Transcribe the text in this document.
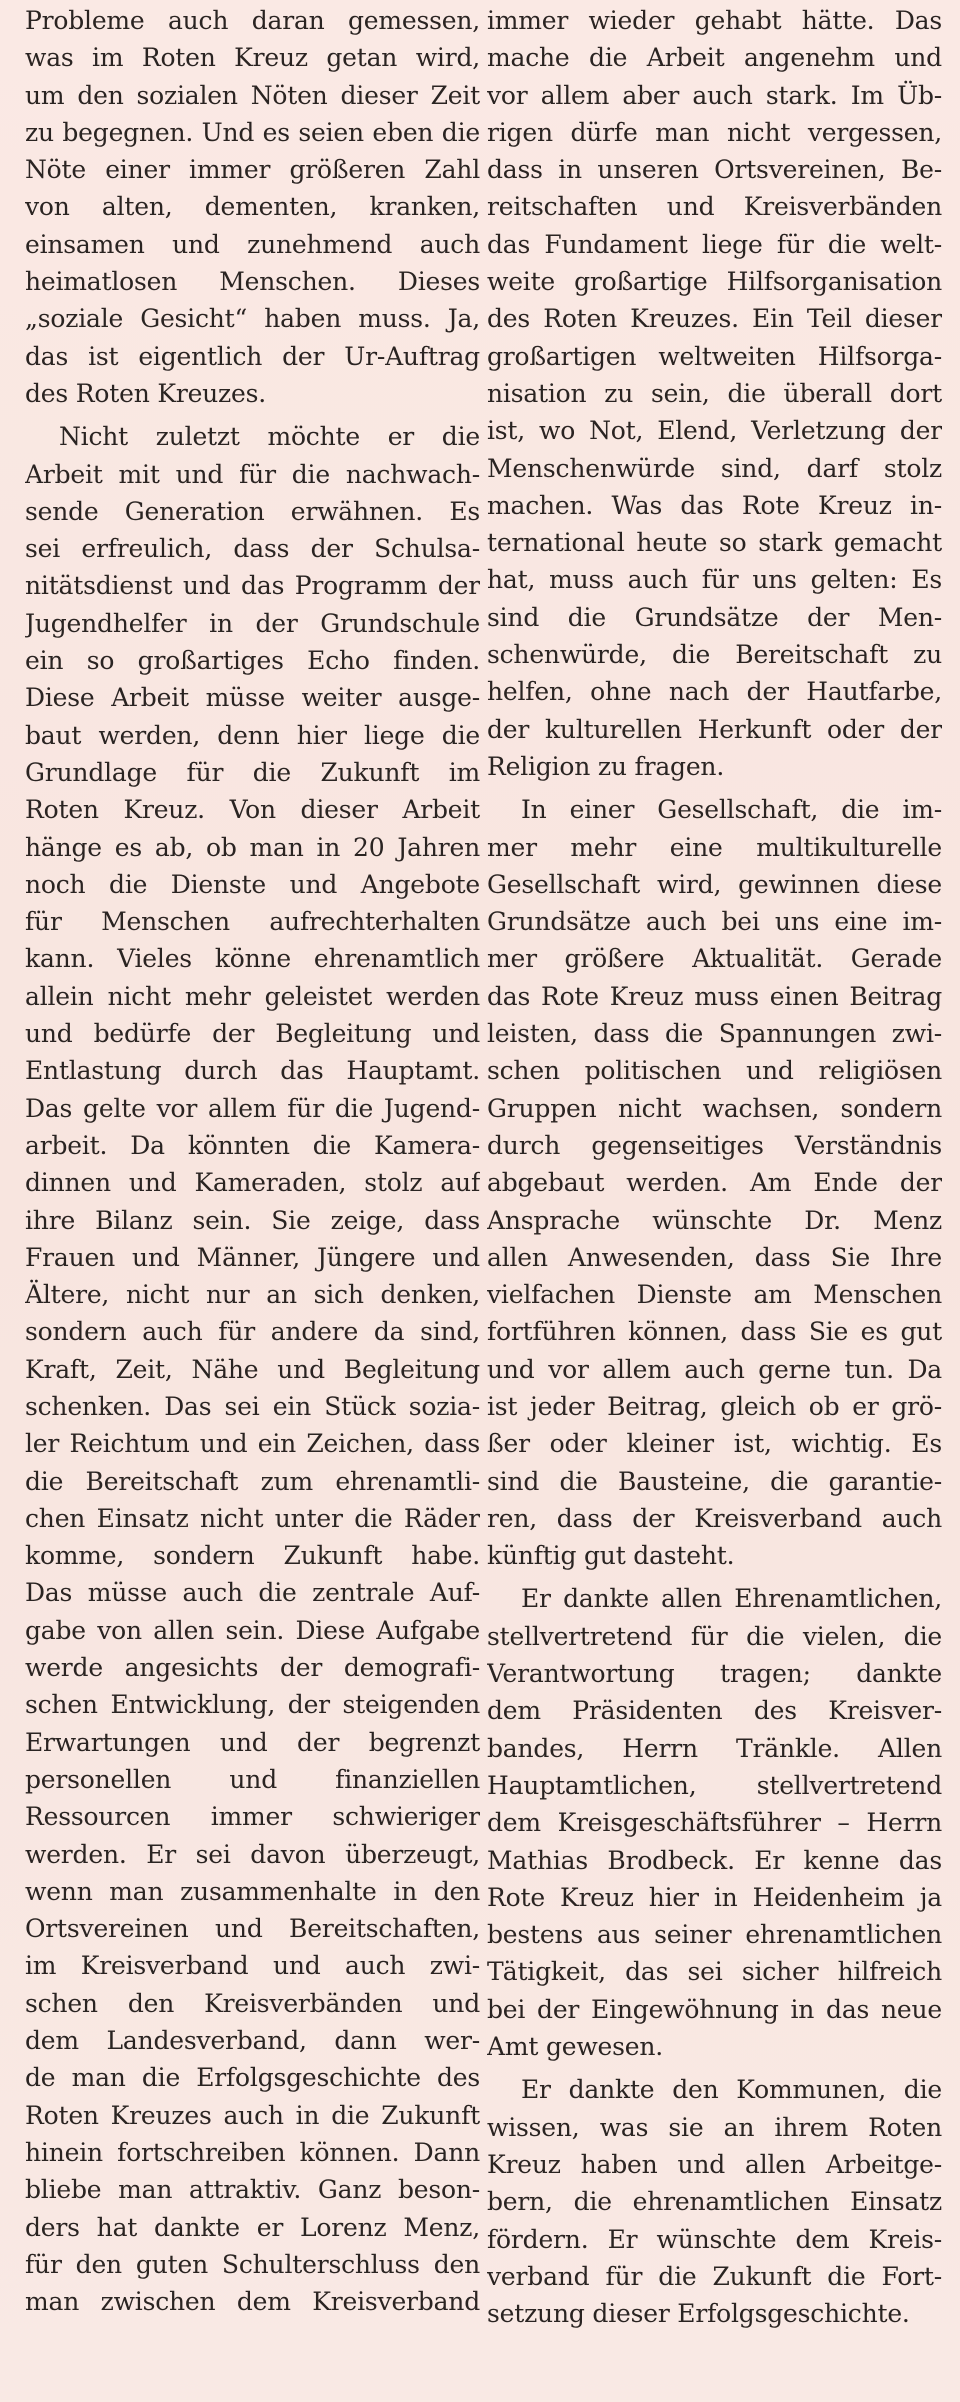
Probleme auch daran gemessen,
was im Roten Kreuz getan wird,
um den sozialen Nöten dieser Zeit
zu begegnen. Und es seien eben die
Nöte einer immer größeren Zahl
von alten, dementen, kranken,
einsamen und zunehmend auch
heimatlosen Menschen. Dieses
„soziale Gesicht“ haben muss. Ja,
das ist eigentlich der Ur-Auftrag
des Roten Kreuzes.
Nicht zuletzt möchte er die
Arbeit mit und für die nachwach-
sende Generation erwähnen. Es
sei erfreulich, dass der Schulsa-
nitätsdienst und das Programm der
Jugendhelfer in der Grundschule
ein so großartiges Echo finden.
Diese Arbeit müsse weiter ausge-
baut werden, denn hier liege die
Grundlage für die Zukunft im
Roten Kreuz. Von dieser Arbeit
hänge es ab, ob man in 20 Jahren
noch die Dienste und Angebote
für Menschen aufrechterhalten
kann. Vieles könne ehrenamtlich
allein nicht mehr geleistet werden
und bedürfe der Begleitung und
Entlastung durch das Hauptamt.
Das gelte vor allem für die Jugend-
arbeit. Da könnten die Kamera-
dinnen und Kameraden, stolz auf
ihre Bilanz sein. Sie zeige, dass
Frauen und Männer, Jüngere und
Ältere, nicht nur an sich denken,
sondern auch für andere da sind,
Kraft, Zeit, Nähe und Begleitung
schenken. Das sei ein Stück sozia-
ler Reichtum und ein Zeichen, dass
die Bereitschaft zum ehrenamtli-
chen Einsatz nicht unter die Räder
komme, sondern Zukunft habe.
Das müsse auch die zentrale Auf-
gabe von allen sein. Diese Aufgabe
werde angesichts der demografi-
schen Entwicklung, der steigenden
Erwartungen und der begrenzt
personellen und finanziellen
Ressourcen immer schwieriger
werden. Er sei davon überzeugt,
wenn man zusammenhalte in den
Ortsvereinen und Bereitschaften,
im Kreisverband und auch zwi-
schen den Kreisverbänden und
dem Landesverband, dann wer-
de man die Erfolgsgeschichte des
Roten Kreuzes auch in die Zukunft
hinein fortschreiben können. Dann
bliebe man attraktiv. Ganz beson-
ders hat dankte er Lorenz Menz,
für den guten Schulterschluss den
man zwischen dem Kreisverband
immer wieder gehabt hätte. Das
mache die Arbeit angenehm und
vor allem aber auch stark. Im Üb-
rigen dürfe man nicht vergessen,
dass in unseren Ortsvereinen, Be-
reitschaften und Kreisverbänden
das Fundament liege für die welt-
weite großartige Hilfsorganisation
des Roten Kreuzes. Ein Teil dieser
großartigen weltweiten Hilfsorga-
nisation zu sein, die überall dort
ist, wo Not, Elend, Verletzung der
Menschenwürde sind, darf stolz
machen. Was das Rote Kreuz in-
ternational heute so stark gemacht
hat, muss auch für uns gelten: Es
sind die Grundsätze der Men-
schenwürde, die Bereitschaft zu
helfen, ohne nach der Hautfarbe,
der kulturellen Herkunft oder der
Religion zu fragen.
In einer Gesellschaft, die im-
mer mehr eine multikulturelle
Gesellschaft wird, gewinnen diese
Grundsätze auch bei uns eine im-
mer größere Aktualität. Gerade
das Rote Kreuz muss einen Beitrag
leisten, dass die Spannungen zwi-
schen politischen und religiösen
Gruppen nicht wachsen, sondern
durch gegenseitiges Verständnis
abgebaut werden. Am Ende der
Ansprache wünschte Dr. Menz
allen Anwesenden, dass Sie Ihre
vielfachen Dienste am Menschen
fortführen können, dass Sie es gut
und vor allem auch gerne tun. Da
ist jeder Beitrag, gleich ob er grö-
ßer oder kleiner ist, wichtig. Es
sind die Bausteine, die garantie-
ren, dass der Kreisverband auch
künftig gut dasteht.
Er dankte allen Ehrenamtlichen,
stellvertretend für die vielen, die
Verantwortung tragen; dankte
dem Präsidenten des Kreisver-
bandes, Herrn Tränkle. Allen
Hauptamtlichen, stellvertretend
dem Kreisgeschäftsführer – Herrn
Mathias Brodbeck. Er kenne das
Rote Kreuz hier in Heidenheim ja
bestens aus seiner ehrenamtlichen
Tätigkeit, das sei sicher hilfreich
bei der Eingewöhnung in das neue
Amt gewesen.
Er dankte den Kommunen, die
wissen, was sie an ihrem Roten
Kreuz haben und allen Arbeitge-
bern, die ehrenamtlichen Einsatz
fördern. Er wünschte dem Kreis-
verband für die Zukunft die Fort-
setzung dieser Erfolgsgeschichte.
